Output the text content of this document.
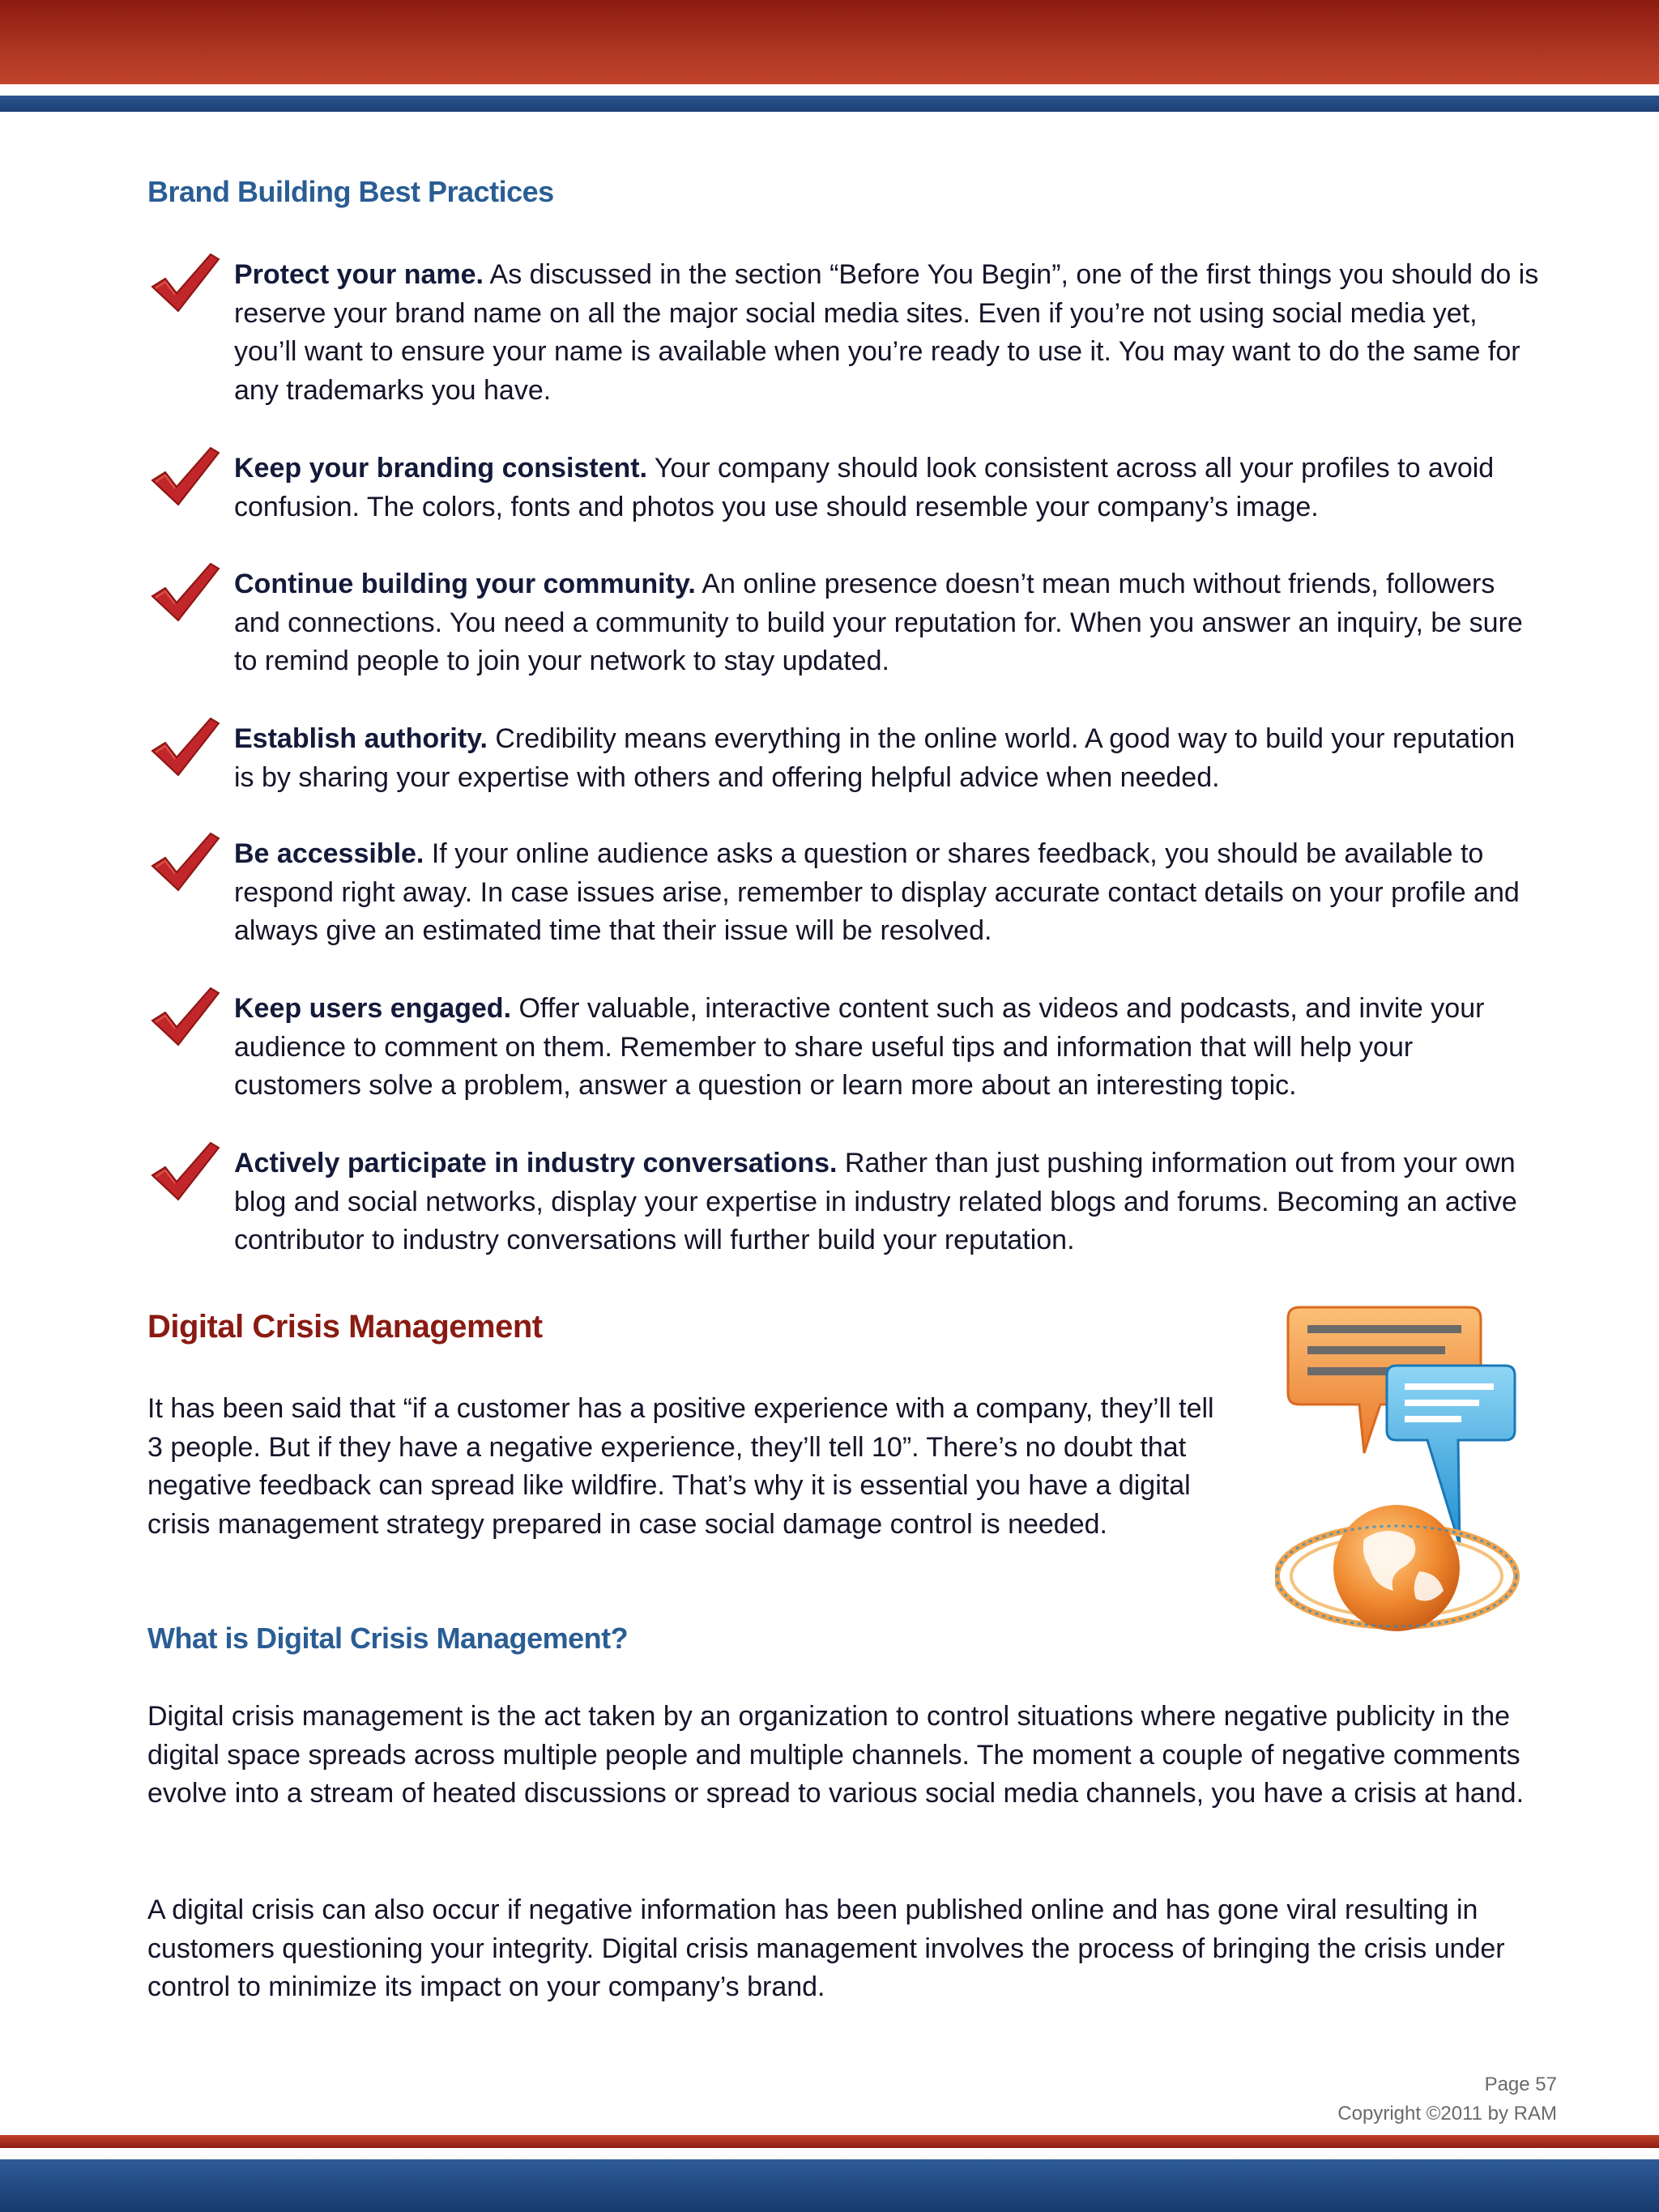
Brand Building Best Practices

Protect your name. As discussed in the section “Before You Begin”, one of the first things you should do is reserve your brand name on all the major social media sites. Even if you’re not using social media yet, you’ll want to ensure your name is available when you’re ready to use it. You may want to do the same for any trademarks you have.

Keep your branding consistent. Your company should look consistent across all your profiles to avoid confusion. The colors, fonts and photos you use should resemble your company’s image.

Continue building your community. An online presence doesn’t mean much without friends, followers and connections. You need a community to build your reputation for. When you answer an inquiry, be sure to remind people to join your network to stay updated.

Establish authority. Credibility means everything in the online world. A good way to build your reputation is by sharing your expertise with others and offering helpful advice when needed.

Be accessible. If your online audience asks a question or shares feedback, you should be available to respond right away. In case issues arise, remember to display accurate contact details on your profile and always give an estimated time that their issue will be resolved.

Keep users engaged. Offer valuable, interactive content such as videos and podcasts, and invite your audience to comment on them. Remember to share useful tips and information that will help your customers solve a problem, answer a question or learn more about an interesting topic.

Actively participate in industry conversations. Rather than just pushing information out from your own blog and social networks, display your expertise in industry related blogs and forums. Becoming an active contributor to industry conversations will further build your reputation.

Digital Crisis Management

It has been said that “if a customer has a positive experience with a company, they’ll tell 3 people. But if they have a negative experience, they’ll tell 10”. There’s no doubt that negative feedback can spread like wildfire. That’s why it is essential you have a digital crisis management strategy prepared in case social damage control is needed.

What is Digital Crisis Management?

Digital crisis management is the act taken by an organization to control situations where negative publicity in the digital space spreads across multiple people and multiple channels. The moment a couple of negative comments evolve into a stream of heated discussions or spread to various social media channels, you have a crisis at hand.

A digital crisis can also occur if negative information has been published online and has gone viral resulting in customers questioning your integrity. Digital crisis management involves the process of bringing the crisis under control to minimize its impact on your company’s brand.

Page 57
Copyright ©2011 by RAM
